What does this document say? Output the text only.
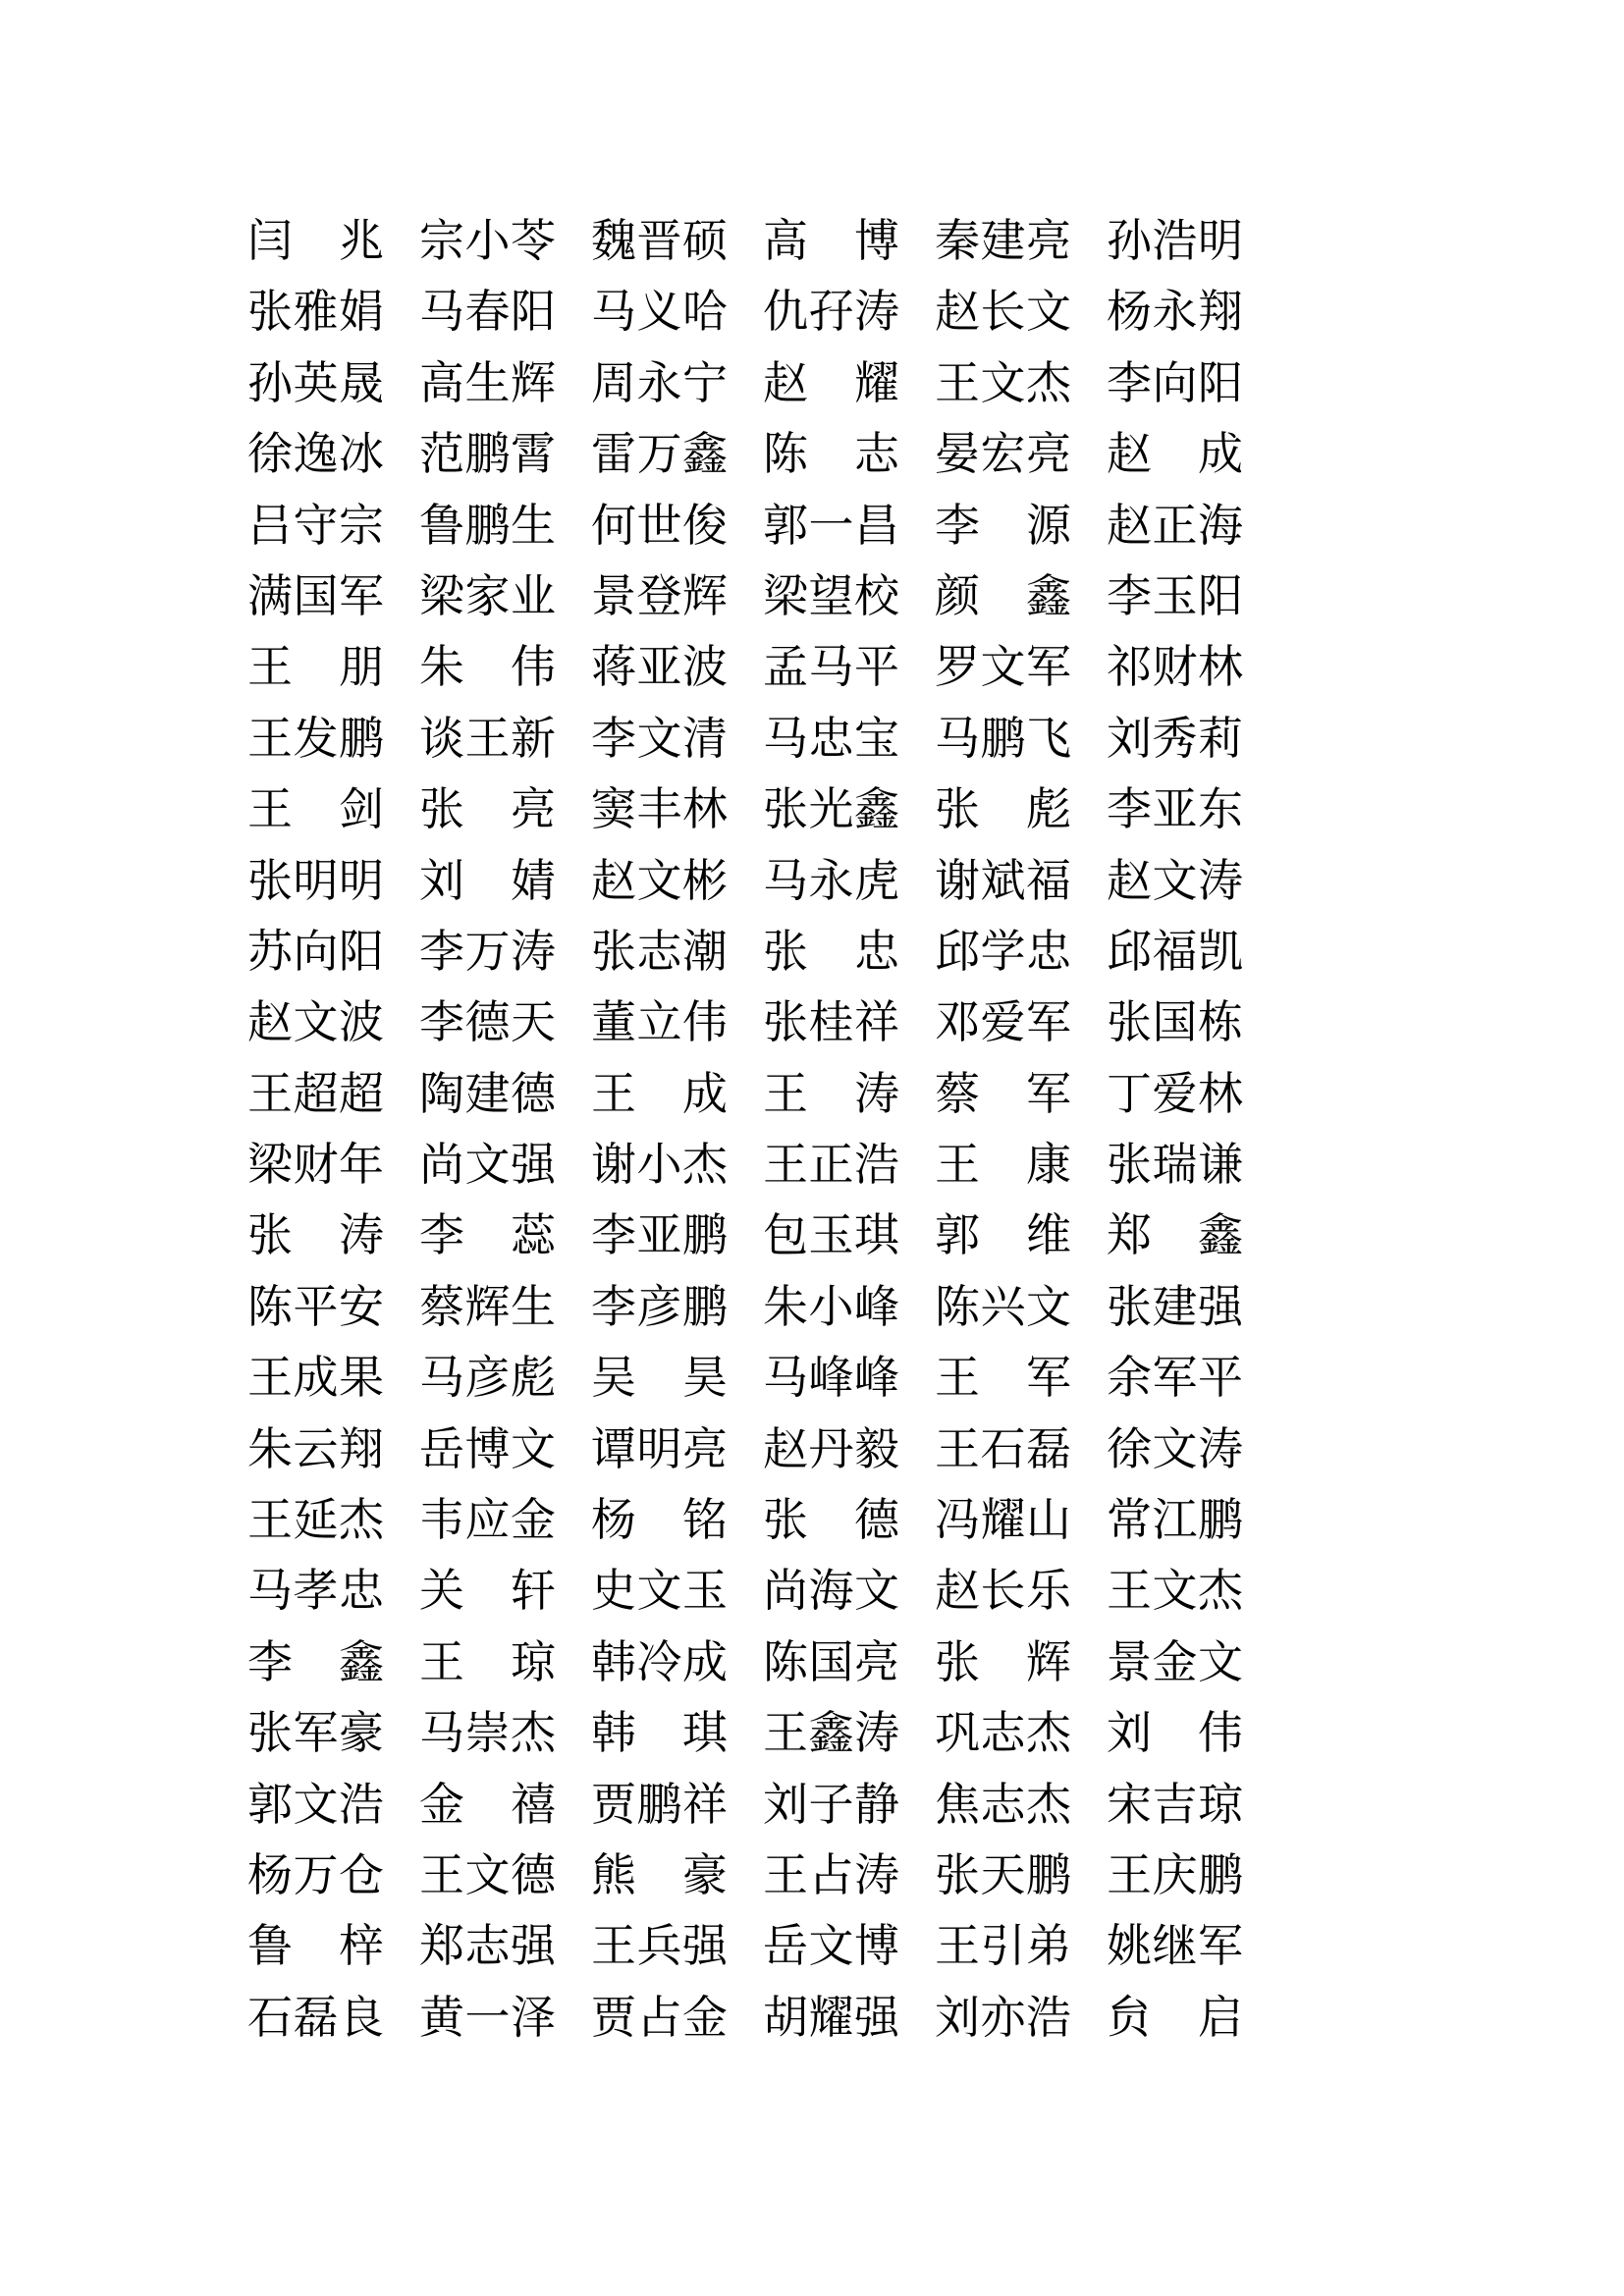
闫　兆 宗小苓 魏晋硕 高　博 秦建亮 孙浩明
张雅娟 马春阳 马义哈 仇孖涛 赵长文 杨永翔
孙英晟 高生辉 周永宁 赵　耀 王文杰 李向阳
徐逸冰 范鹏霄 雷万鑫 陈　志 晏宏亮 赵　成
吕守宗 鲁鹏生 何世俊 郭一昌 李　源 赵正海
满国军 梁家业 景登辉 梁望校 颜　鑫 李玉阳
王　朋 朱　伟 蒋亚波 孟马平 罗文军 祁财林
王发鹏 谈王新 李文清 马忠宝 马鹏飞 刘秀莉
王　剑 张　亮 窦丰林 张光鑫 张　彪 李亚东
张明明 刘　婧 赵文彬 马永虎 谢斌福 赵文涛
苏向阳 李万涛 张志潮 张　忠 邱学忠 邱福凯
赵文波 李德天 董立伟 张桂祥 邓爱军 张国栋
王超超 陶建德 王　成 王　涛 蔡　军 丁爱林
梁财年 尚文强 谢小杰 王正浩 王　康 张瑞谦
张　涛 李　蕊 李亚鹏 包玉琪 郭　维 郑　鑫
陈平安 蔡辉生 李彦鹏 朱小峰 陈兴文 张建强
王成果 马彦彪 吴　昊 马峰峰 王　军 余军平
朱云翔 岳博文 谭明亮 赵丹毅 王石磊 徐文涛
王延杰 韦应金 杨　铭 张　德 冯耀山 常江鹏
马孝忠 关　轩 史文玉 尚海文 赵长乐 王文杰
李　鑫 王　琼 韩冷成 陈国亮 张　辉 景金文
张军豪 马崇杰 韩　琪 王鑫涛 巩志杰 刘　伟
郭文浩 金　禧 贾鹏祥 刘子静 焦志杰 宋吉琼
杨万仓 王文德 熊　豪 王占涛 张天鹏 王庆鹏
鲁　梓 郑志强 王兵强 岳文博 王引弟 姚继军
石磊良 黄一泽 贾占金 胡耀强 刘亦浩 贠　启
